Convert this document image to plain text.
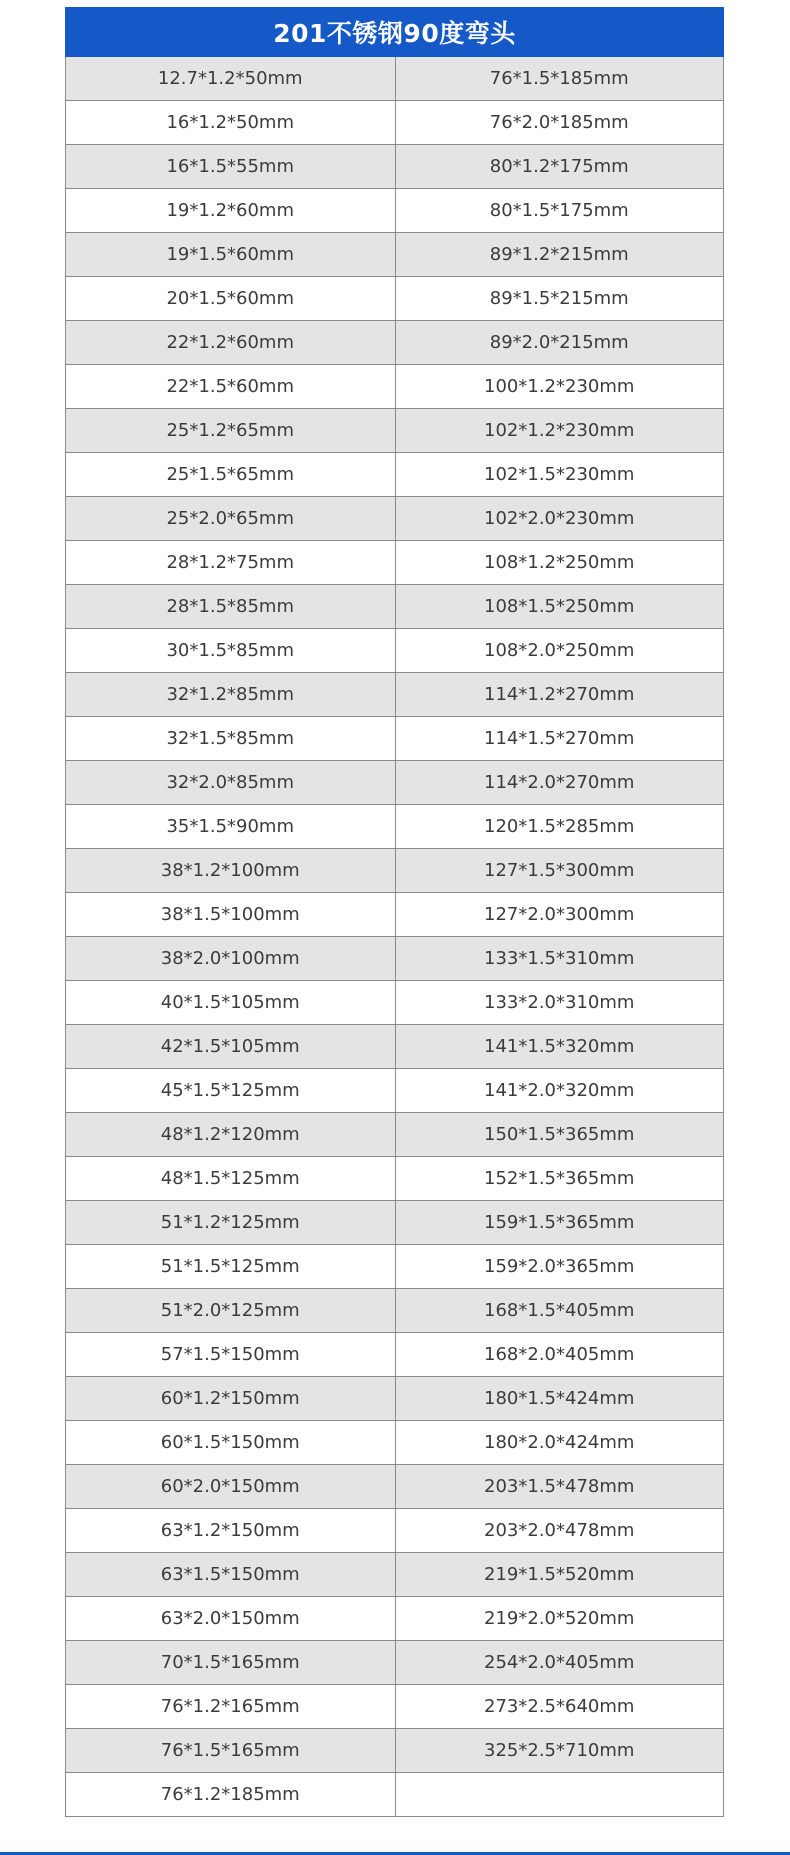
201不锈钢90度弯头
12.7*1.2*50mm	76*1.5*185mm
16*1.2*50mm	76*2.0*185mm
16*1.5*55mm	80*1.2*175mm
19*1.2*60mm	80*1.5*175mm
19*1.5*60mm	89*1.2*215mm
20*1.5*60mm	89*1.5*215mm
22*1.2*60mm	89*2.0*215mm
22*1.5*60mm	100*1.2*230mm
25*1.2*65mm	102*1.2*230mm
25*1.5*65mm	102*1.5*230mm
25*2.0*65mm	102*2.0*230mm
28*1.2*75mm	108*1.2*250mm
28*1.5*85mm	108*1.5*250mm
30*1.5*85mm	108*2.0*250mm
32*1.2*85mm	114*1.2*270mm
32*1.5*85mm	114*1.5*270mm
32*2.0*85mm	114*2.0*270mm
35*1.5*90mm	120*1.5*285mm
38*1.2*100mm	127*1.5*300mm
38*1.5*100mm	127*2.0*300mm
38*2.0*100mm	133*1.5*310mm
40*1.5*105mm	133*2.0*310mm
42*1.5*105mm	141*1.5*320mm
45*1.5*125mm	141*2.0*320mm
48*1.2*120mm	150*1.5*365mm
48*1.5*125mm	152*1.5*365mm
51*1.2*125mm	159*1.5*365mm
51*1.5*125mm	159*2.0*365mm
51*2.0*125mm	168*1.5*405mm
57*1.5*150mm	168*2.0*405mm
60*1.2*150mm	180*1.5*424mm
60*1.5*150mm	180*2.0*424mm
60*2.0*150mm	203*1.5*478mm
63*1.2*150mm	203*2.0*478mm
63*1.5*150mm	219*1.5*520mm
63*2.0*150mm	219*2.0*520mm
70*1.5*165mm	254*2.0*405mm
76*1.2*165mm	273*2.5*640mm
76*1.5*165mm	325*2.5*710mm
76*1.2*185mm
